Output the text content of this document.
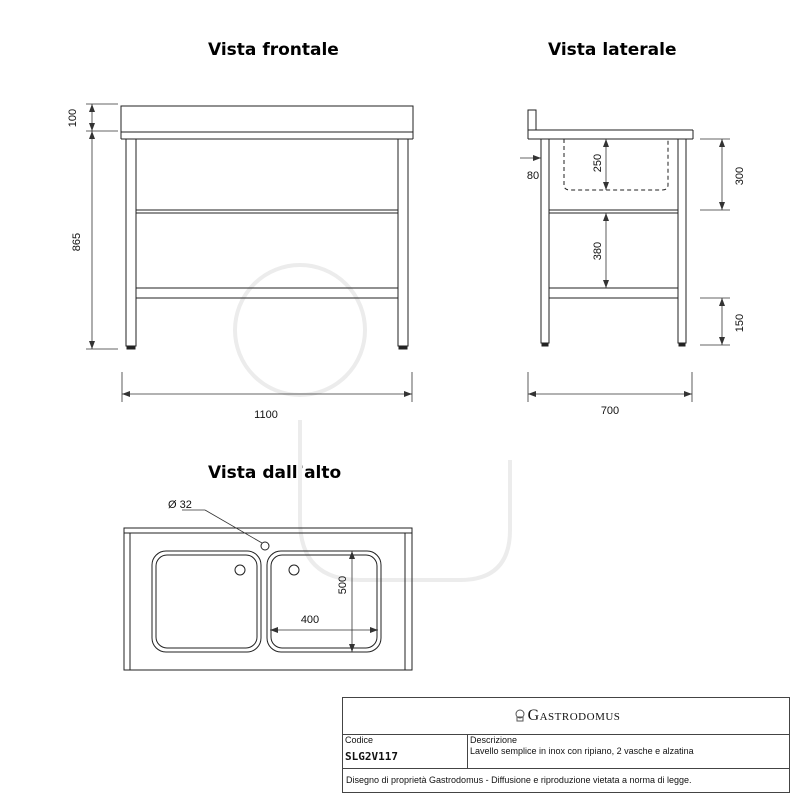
Vista frontale	Vista laterale
Vista dall’alto
100
865
1100
80
250
300
380
150
700
Ø 32
400
500
Gastrodomus
Codice
SLG2V117
Descrizione
Lavello semplice in inox con ripiano, 2 vasche e alzatina
Disegno di proprietà Gastrodomus - Diffusione e riproduzione vietata a norma di legge.
